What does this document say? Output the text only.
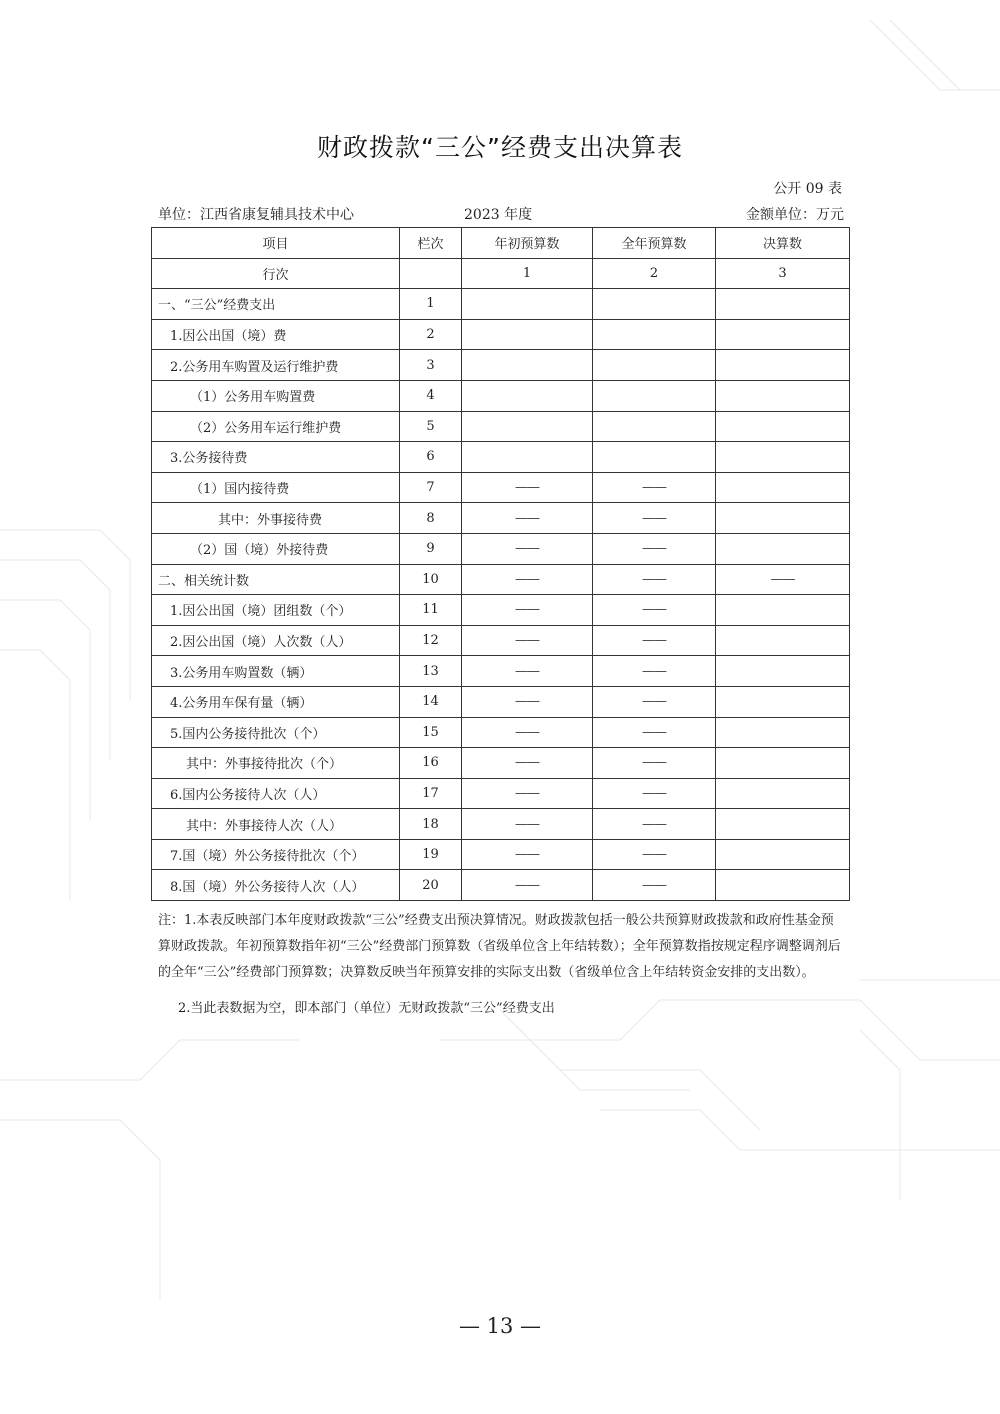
财政拨款“三公”经费支出决算表
公开 09 表
单位：江西省康复辅具技术中心	2023 年度	金额单位：万元
项目	栏次	年初预算数	全年预算数	决算数
行次		1	2	3
一、“三公”经费支出	1			
1.因公出国（境）费	2			
2.公务用车购置及运行维护费	3			
（1）公务用车购置费	4			
（2）公务用车运行维护费	5			
3.公务接待费	6			
（1）国内接待费	7	——	——	
其中：外事接待费	8	——	——	
（2）国（境）外接待费	9	——	——	
二、相关统计数	10	——	——	——
1.因公出国（境）团组数（个）	11	——	——	
2.因公出国（境）人次数（人）	12	——	——	
3.公务用车购置数（辆）	13	——	——	
4.公务用车保有量（辆）	14	——	——	
5.国内公务接待批次（个）	15	——	——	
其中：外事接待批次（个）	16	——	——	
6.国内公务接待人次（人）	17	——	——	
其中：外事接待人次（人）	18	——	——	
7.国（境）外公务接待批次（个）	19	——	——	
8.国（境）外公务接待人次（人）	20	——	——	

注：1.本表反映部门本年度财政拨款“三公”经费支出预决算情况。财政拨款包括一般公共预算财政拨款和政府性基金预算财政拨款。年初预算数指年初“三公”经费部门预算数（省级单位含上年结转数）；全年预算数指按规定程序调整调剂后的全年“三公”经费部门预算数；决算数反映当年预算安排的实际支出数（省级单位含上年结转资金安排的支出数）。

2.当此表数据为空，即本部门（单位）无财政拨款“三公”经费支出

— 13 —
